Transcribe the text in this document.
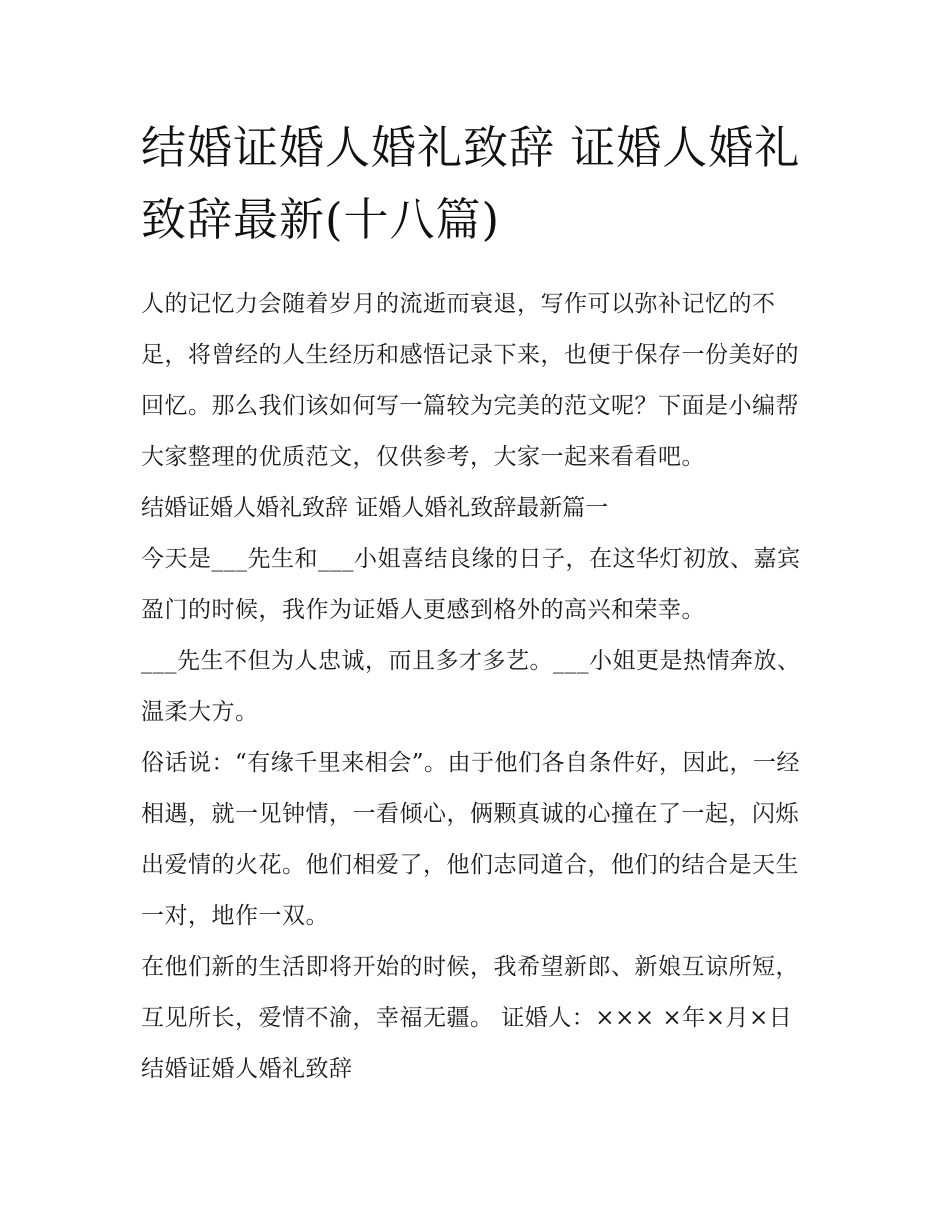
结婚证婚人婚礼致辞 证婚人婚礼致辞最新(十八篇)

人的记忆力会随着岁月的流逝而衰退，写作可以弥补记忆的不足，将曾经的人生经历和感悟记录下来，也便于保存一份美好的回忆。那么我们该如何写一篇较为完美的范文呢？下面是小编帮大家整理的优质范文，仅供参考，大家一起来看看吧。

结婚证婚人婚礼致辞 证婚人婚礼致辞最新篇一

今天是___先生和___小姐喜结良缘的日子，在这华灯初放、嘉宾盈门的时候，我作为证婚人更感到格外的高兴和荣幸。

___先生不但为人忠诚，而且多才多艺。___小姐更是热情奔放、温柔大方。

俗话说：“有缘千里来相会”。由于他们各自条件好，因此，一经相遇，就一见钟情，一看倾心，俩颗真诚的心撞在了一起，闪烁出爱情的火花。他们相爱了，他们志同道合，他们的结合是天生一对，地作一双。

在他们新的生活即将开始的时候，我希望新郎、新娘互谅所短，互见所长，爱情不渝，幸福无疆。 证婚人：××× ×年×月×日 结婚证婚人婚礼致辞
